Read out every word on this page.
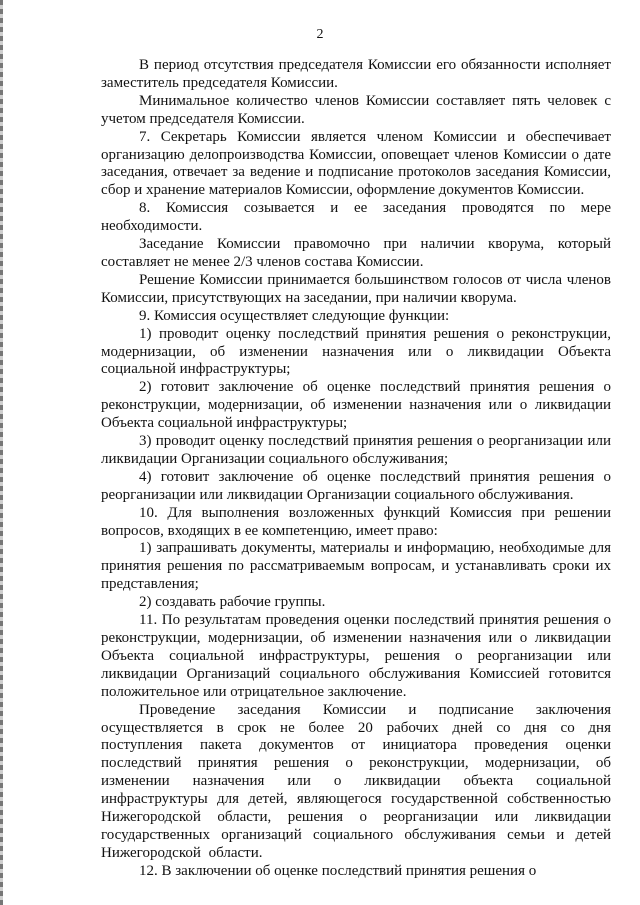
2

В период отсутствия председателя Комиссии его обязанности исполняет заместитель председателя Комиссии.

Минимальное количество членов Комиссии составляет пять человек с учетом председателя Комиссии.

7. Секретарь Комиссии является членом Комиссии и обеспечивает организацию делопроизводства Комиссии, оповещает членов Комиссии о дате заседания, отвечает за ведение и подписание протоколов заседания Комиссии, сбор и хранение материалов Комиссии, оформление документов Комиссии.

8. Комиссия созывается и ее заседания проводятся по мере необходимости.

Заседание Комиссии правомочно при наличии кворума, который составляет не менее 2/3 членов состава Комиссии.

Решение Комиссии принимается большинством голосов от числа членов Комиссии, присутствующих на заседании, при наличии кворума.

9. Комиссия осуществляет следующие функции:

1) проводит оценку последствий принятия решения о реконструкции, модернизации, об изменении назначения или о ликвидации Объекта социальной инфраструктуры;

2) готовит заключение об оценке последствий принятия решения о реконструкции, модернизации, об изменении назначения или о ликвидации Объекта социальной инфраструктуры;

3) проводит оценку последствий принятия решения о реорганизации или ликвидации Организации социального обслуживания;

4) готовит заключение об оценке последствий принятия решения о реорганизации или ликвидации Организации социального обслуживания.

10. Для выполнения возложенных функций Комиссия при решении вопросов, входящих в ее компетенцию, имеет право:

1) запрашивать документы, материалы и информацию, необходимые для принятия решения по рассматриваемым вопросам, и устанавливать сроки их представления;

2) создавать рабочие группы.

11. По результатам проведения оценки последствий принятия решения о реконструкции, модернизации, об изменении назначения или о ликвидации Объекта социальной инфраструктуры, решения о реорганизации или ликвидации Организаций социального обслуживания Комиссией готовится положительное или отрицательное заключение.

Проведение заседания Комиссии и подписание заключения осуществляется в срок не более 20 рабочих дней со дня со дня поступления пакета документов от инициатора проведения оценки последствий принятия решения о реконструкции, модернизации, об изменении назначения или о ликвидации объекта социальной инфраструктуры для детей, являющегося государственной собственностью Нижегородской области, решения о реорганизации или ликвидации государственных организаций социального обслуживания семьи и детей Нижегородской области.

12. В заключении об оценке последствий принятия решения о
